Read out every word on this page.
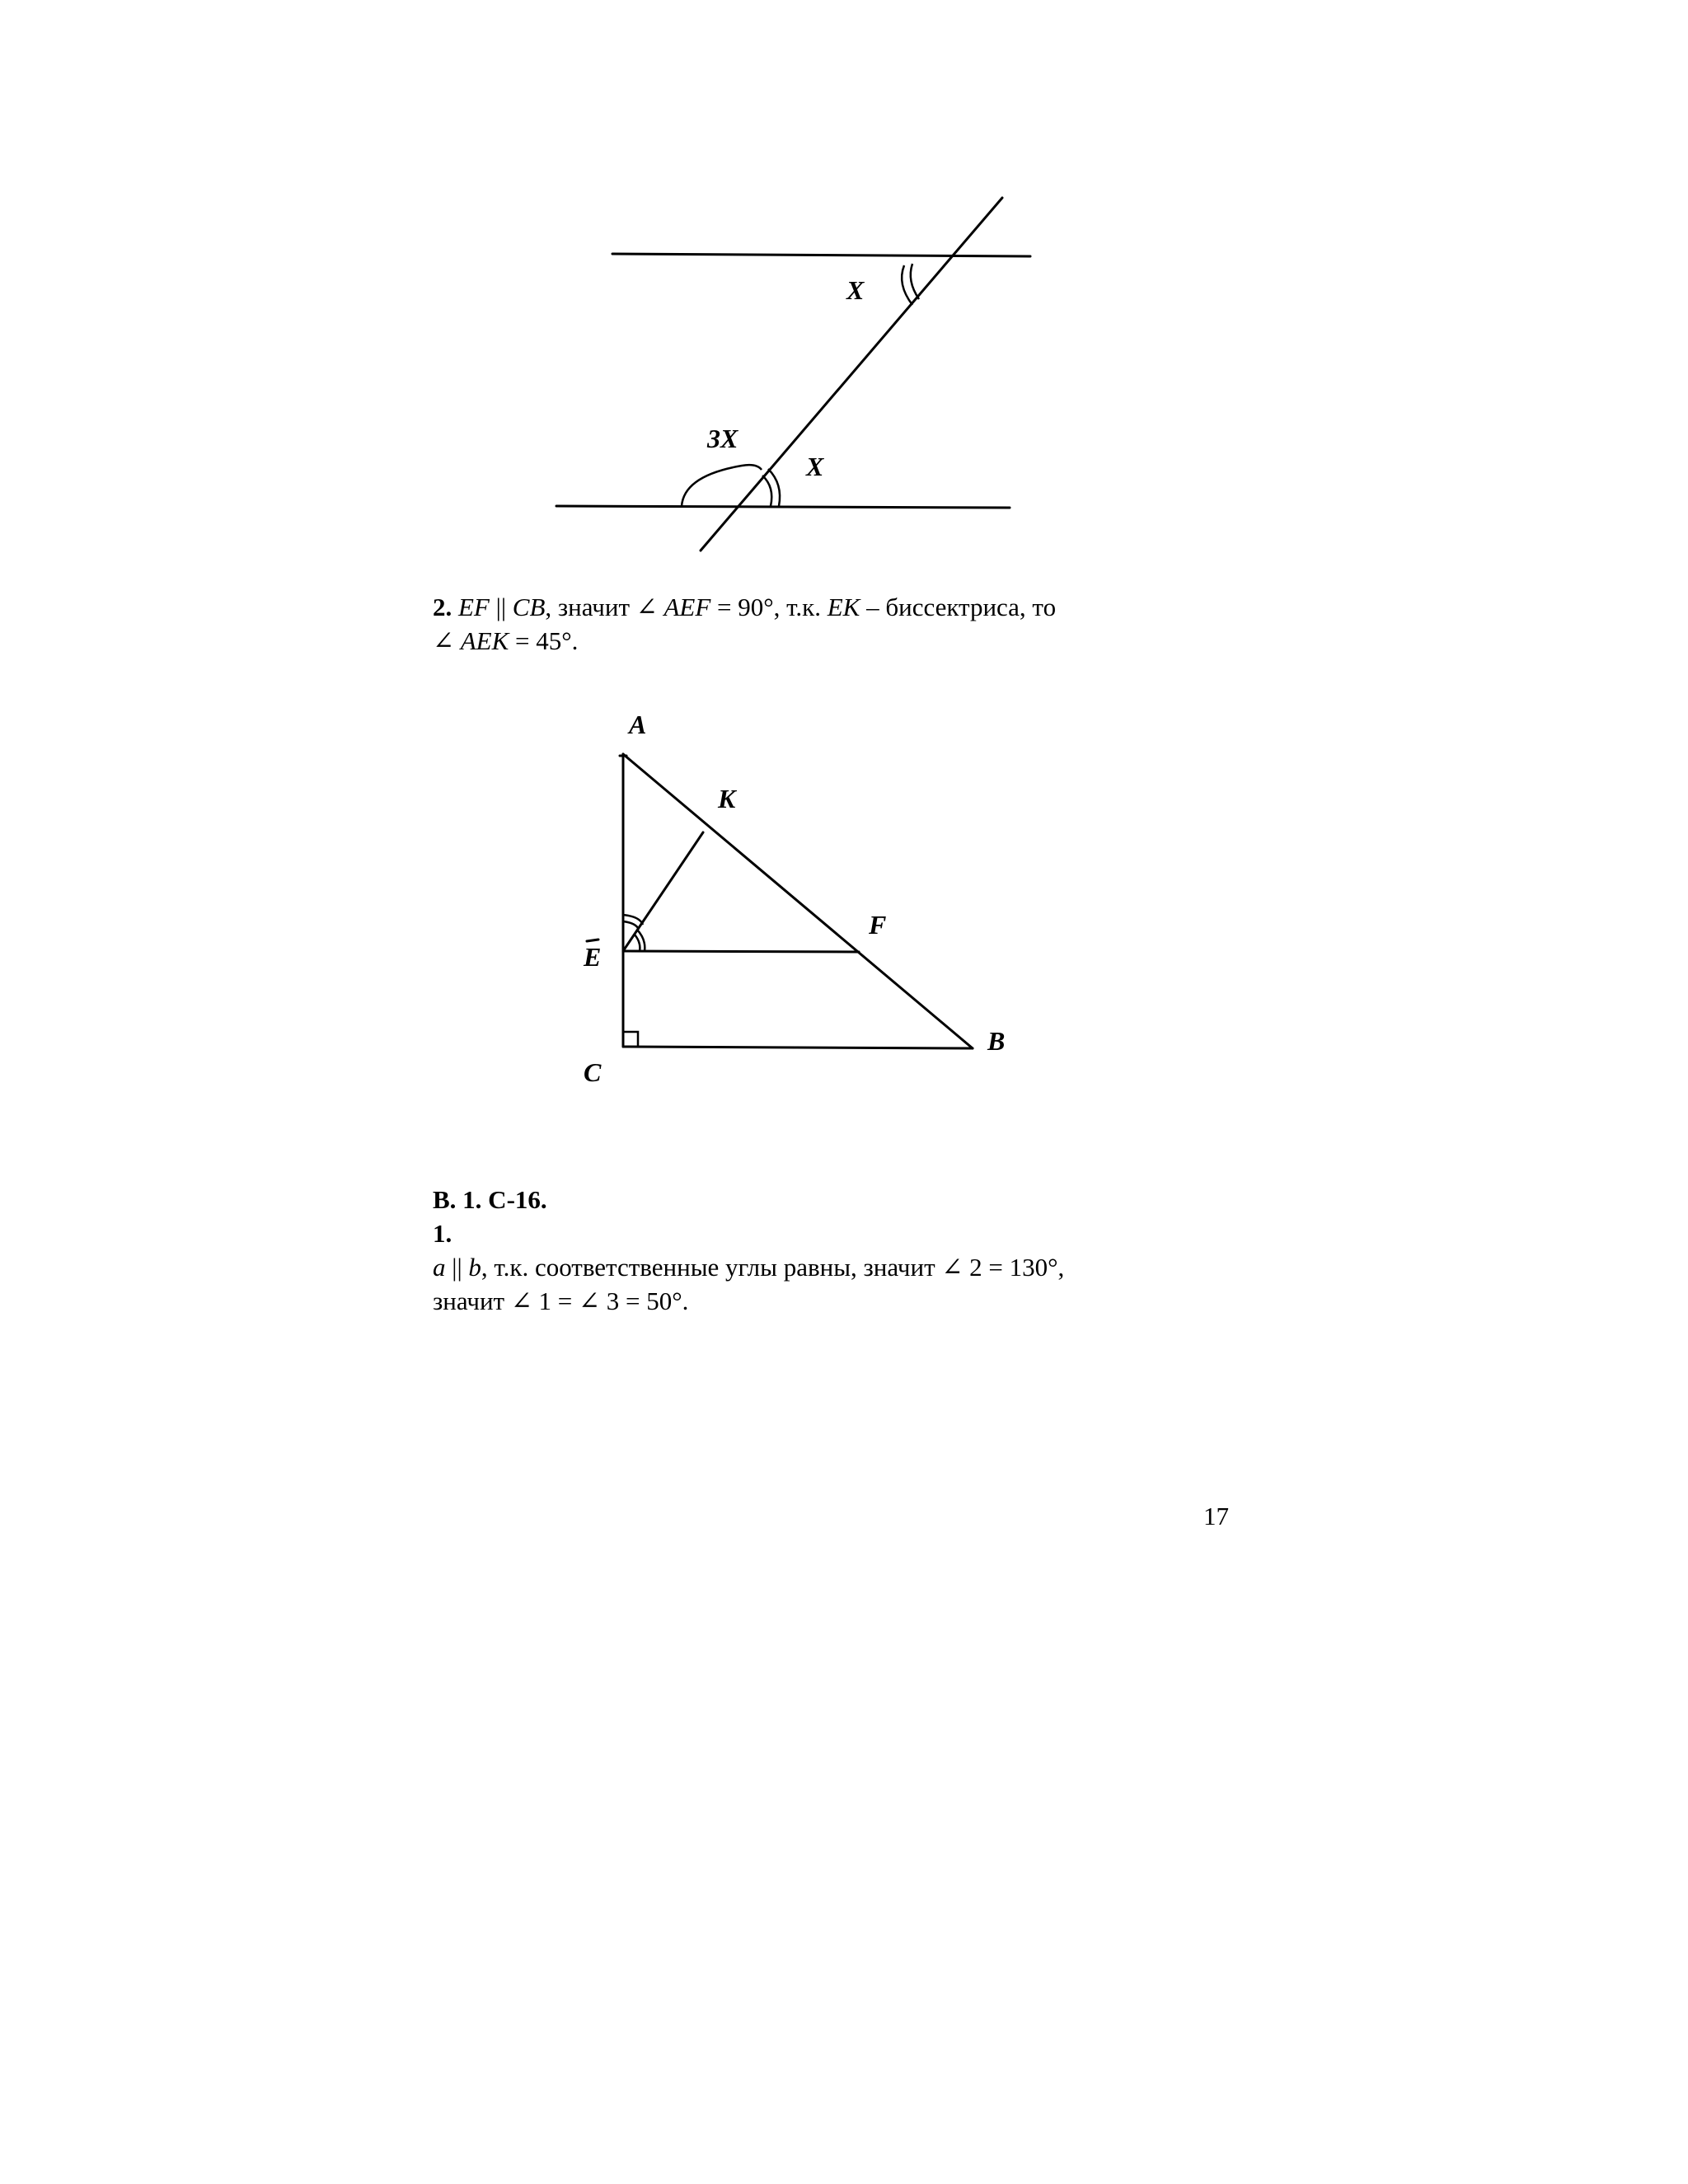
X
3X
X
2. EF || CB, значит ∠ AEF = 90°, т.к. EK – биссектриса, то
∠ AEK = 45°.
A
K
F
E
C
B
В. 1. С-16.
1.
a || b, т.к. соответственные углы равны, значит ∠ 2 = 130°,
значит ∠ 1 = ∠ 3 = 50°.
17
